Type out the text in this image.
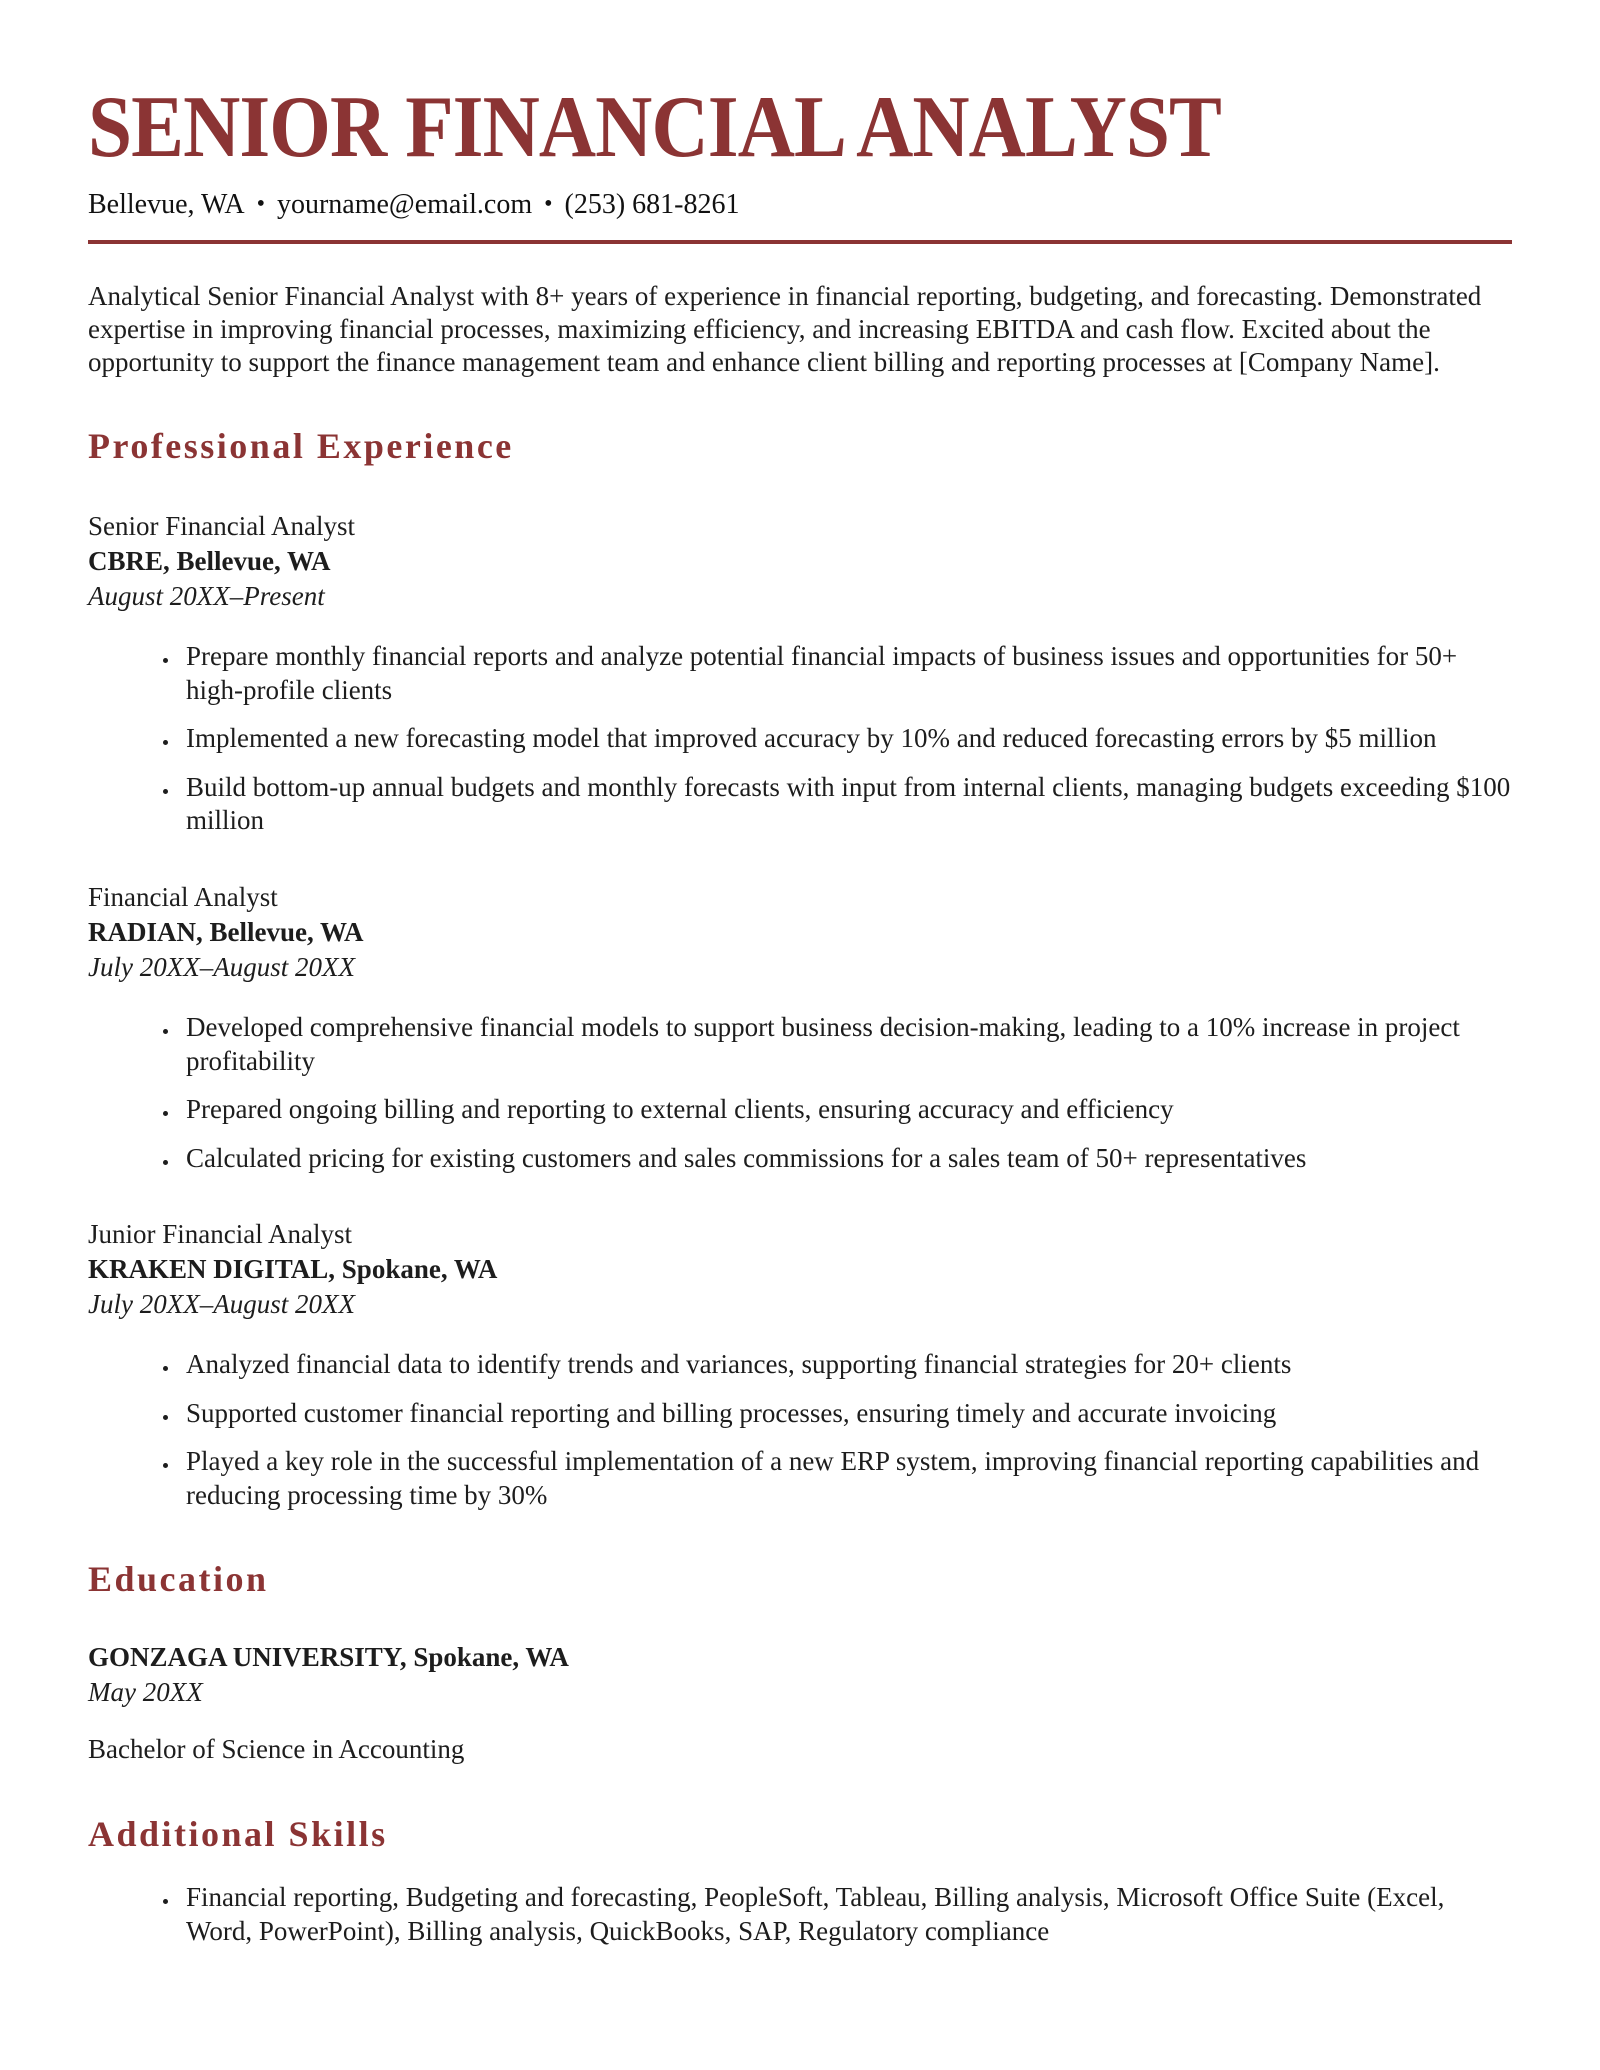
SENIOR FINANCIAL ANALYST
Bellevue, WA • yourname@email.com • (253) 681-8261

Analytical Senior Financial Analyst with 8+ years of experience in financial reporting, budgeting, and forecasting. Demonstrated expertise in improving financial processes, maximizing efficiency, and increasing EBITDA and cash flow. Excited about the opportunity to support the finance management team and enhance client billing and reporting processes at [Company Name].

Professional Experience
Senior Financial Analyst
CBRE, Bellevue, WA
August 20XX–Present
• Prepare monthly financial reports and analyze potential financial impacts of business issues and opportunities for 50+ high-profile clients
• Implemented a new forecasting model that improved accuracy by 10% and reduced forecasting errors by $5 million
• Build bottom-up annual budgets and monthly forecasts with input from internal clients, managing budgets exceeding $100 million
Financial Analyst
RADIAN, Bellevue, WA
July 20XX–August 20XX
• Developed comprehensive financial models to support business decision-making, leading to a 10% increase in project profitability
• Prepared ongoing billing and reporting to external clients, ensuring accuracy and efficiency
• Calculated pricing for existing customers and sales commissions for a sales team of 50+ representatives
Junior Financial Analyst
KRAKEN DIGITAL, Spokane, WA
July 20XX–August 20XX
• Analyzed financial data to identify trends and variances, supporting financial strategies for 20+ clients
• Supported customer financial reporting and billing processes, ensuring timely and accurate invoicing
• Played a key role in the successful implementation of a new ERP system, improving financial reporting capabilities and reducing processing time by 30%
Education
GONZAGA UNIVERSITY, Spokane, WA
May 20XX

Bachelor of Science in Accounting

Additional Skills
• Financial reporting, Budgeting and forecasting, PeopleSoft, Tableau, Billing analysis, Microsoft Office Suite (Excel, Word, PowerPoint), Billing analysis, QuickBooks, SAP, Regulatory compliance
